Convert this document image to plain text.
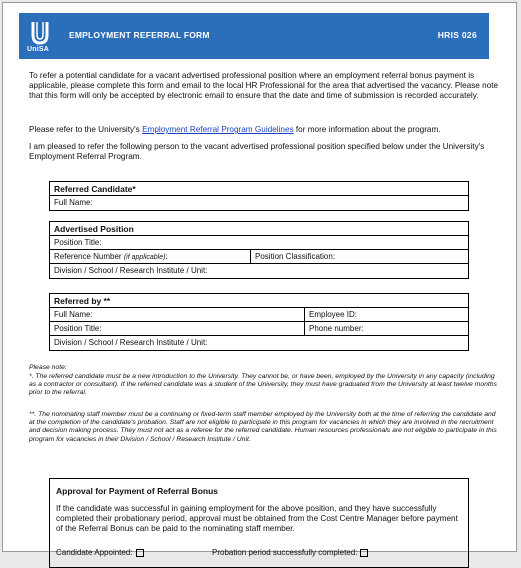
UniSA
EMPLOYMENT REFERRAL FORM	HRIS 026
To refer a potential candidate for a vacant advertised professional position where an employment referral bonus payment is applicable, please complete this form and email to the local HR Professional for the area that advertised the vacancy. Please note that this form will only be accepted by electronic email to ensure that the date and time of submission is recorded accurately.
Please refer to the University's Employment Referral Program Guidelines for more information about the program.
I am pleased to refer the following person to the vacant advertised professional position specified below under the University's Employment Referral Program.
Referred Candidate*
Full Name:
Advertised Position
Position Title:
Reference Number (if applicable):	Position Classification:
Division / School / Research Institute / Unit:
Referred by **
Full Name:	Employee ID:
Position Title:	Phone number:
Division / School / Research Institute / Unit:
Please note:
*. The referred candidate must be a new introduction to the University. They cannot be, or have been, employed by the University in any capacity (including as a contractor or consultant). If the referred candidate was a student of the University, they must have graduated from the University at least twelve months prior to the referral.
**. The nominating staff member must be a continuing or fixed-term staff member employed by the University both at the time of referring the candidate and at the completion of the candidate's probation. Staff are not eligible to participate in this program for vacancies in which they are involved in the recruitment and decision making process. They must not act as a referee for the referred candidate. Human resources professionals are not eligible to participate in this program for vacancies in their Division / School / Research Institute / Unit.
Approval for Payment of Referral Bonus
If the candidate was successful in gaining employment for the above position, and they have successfully completed their probationary period, approval must be obtained from the Cost Centre Manager before payment of the Referral Bonus can be paid to the nominating staff member.
Candidate Appointed:	Probation period successfully completed:
